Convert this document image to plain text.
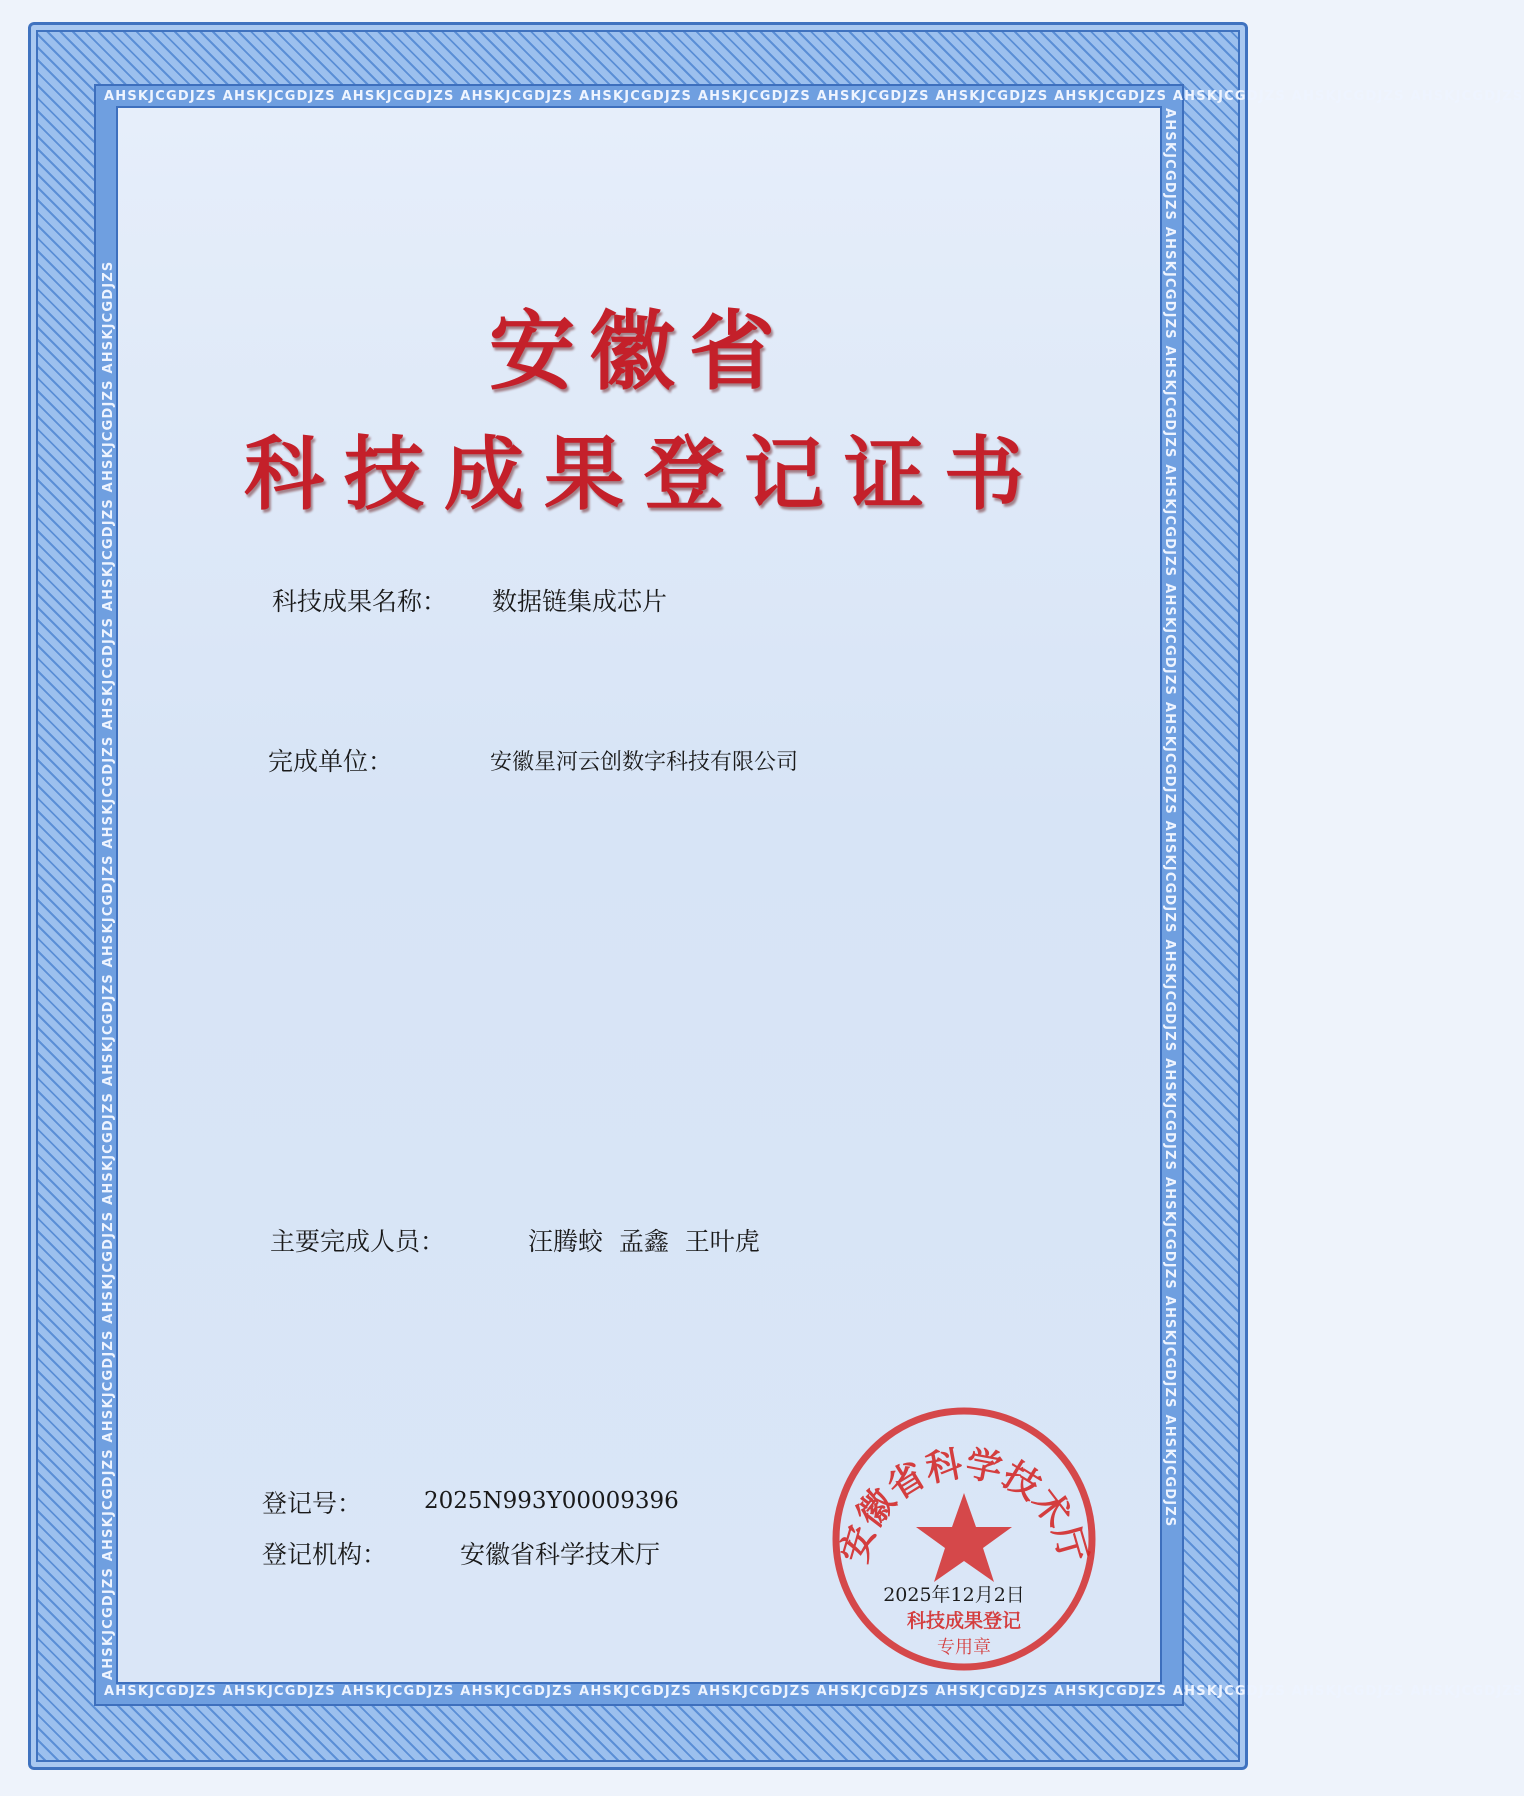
AHSKJCGDJZS AHSKJCGDJZS AHSKJCGDJZS AHSKJCGDJZS AHSKJCGDJZS AHSKJCGDJZS AHSKJCGDJZS AHSKJCGDJZS AHSKJCGDJZS AHSKJCGDJZS AHSKJCGDJZS AHSKJCGDJZS
AHSKJCGDJZS AHSKJCGDJZS AHSKJCGDJZS AHSKJCGDJZS AHSKJCGDJZS AHSKJCGDJZS AHSKJCGDJZS AHSKJCGDJZS AHSKJCGDJZS AHSKJCGDJZS AHSKJCGDJZS AHSKJCGDJZS
AHSKJCGDJZS AHSKJCGDJZS AHSKJCGDJZS AHSKJCGDJZS AHSKJCGDJZS AHSKJCGDJZS AHSKJCGDJZS AHSKJCGDJZS AHSKJCGDJZS AHSKJCGDJZS AHSKJCGDJZS AHSKJCGDJZS	AHSKJCGDJZS AHSKJCGDJZS AHSKJCGDJZS AHSKJCGDJZS AHSKJCGDJZS AHSKJCGDJZS AHSKJCGDJZS AHSKJCGDJZS AHSKJCGDJZS AHSKJCGDJZS AHSKJCGDJZS AHSKJCGDJZS
安徽省
科技成果登记证书
科技成果名称： 数据链集成芯片
完成单位：	安徽星河云创数字科技有限公司
主要完成人员：	汪腾蛟  孟鑫  王叶虎
登记号：	2025N993Y00009396
登记机构：	安徽省科学技术厅	安徽省科学技术厅
2025年12月2日
科技成果登记
专用章
